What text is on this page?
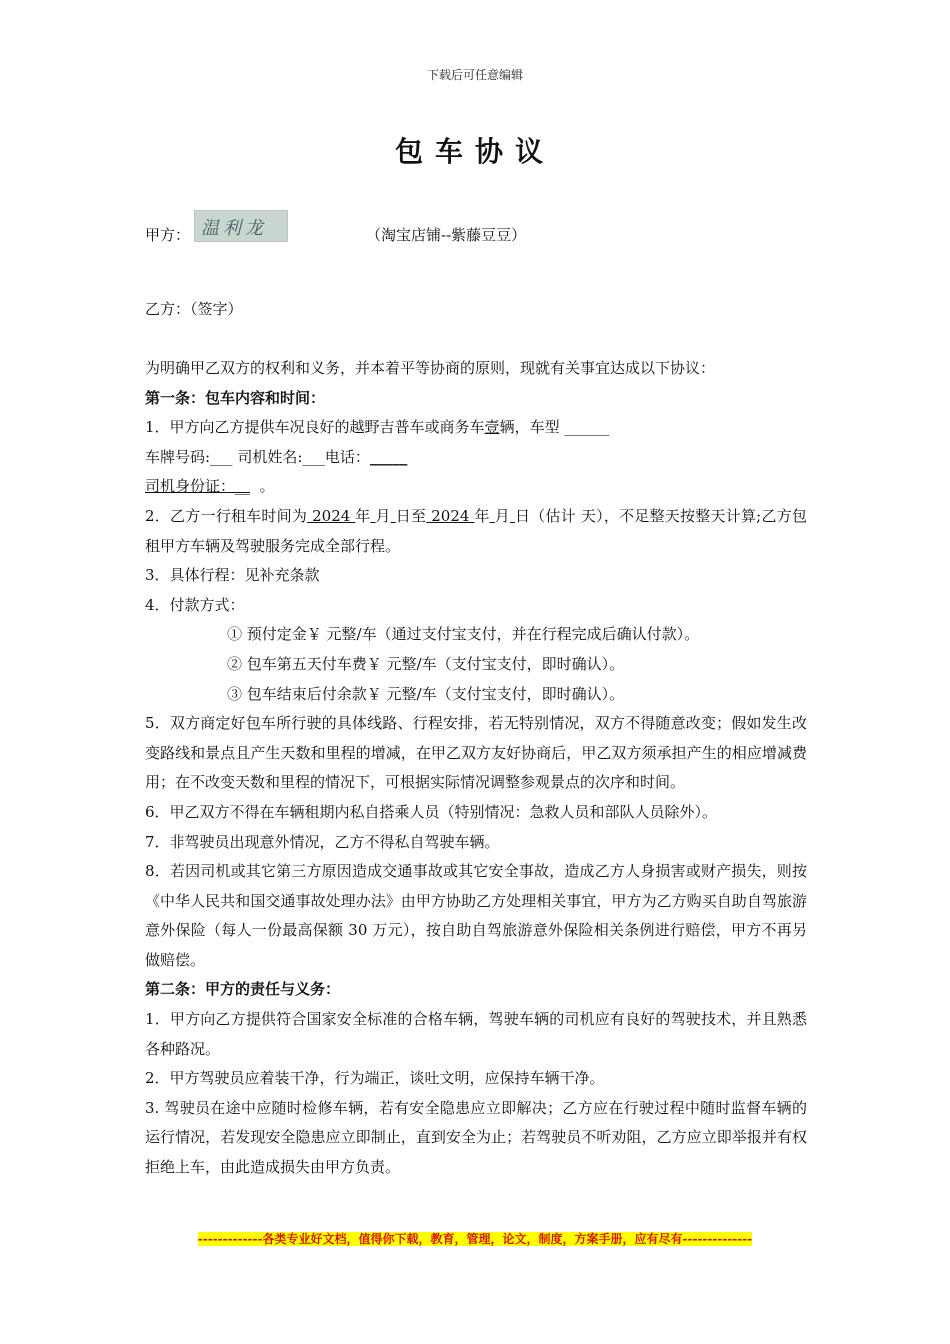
下载后可任意编辑
包车协议
甲方： 温利龙	（淘宝店铺--紫藤豆豆）
乙方：（签字）

为明确甲乙双方的权利和义务，并本着平等协商的原则，现就有关事宜达成以下协议：

第一条：包车内容和时间：

1．甲方向乙方提供车况良好的越野吉普车或商务车壹辆，车型 ______

车牌号码:___ 司机姓名:___电话：_____

司机身份证：__ 。

2．乙方一行租车时间为 2024 年 月 日至 2024 年 月 日（估计 天），不足整天按整天计算;乙方包租甲方车辆及驾驶服务完成全部行程。

3．具体行程：见补充条款

4．付款方式：

① 预付定金￥ 元整/车（通过支付宝支付，并在行程完成后确认付款）。

② 包车第五天付车费￥ 元整/车（支付宝支付，即时确认）。

③ 包车结束后付余款￥ 元整/车（支付宝支付，即时确认）。

5．双方商定好包车所行驶的具体线路、行程安排，若无特别情况，双方不得随意改变；假如发生改变路线和景点且产生天数和里程的增减，在甲乙双方友好协商后，甲乙双方须承担产生的相应增减费用；在不改变天数和里程的情况下，可根据实际情况调整参观景点的次序和时间。

6．甲乙双方不得在车辆租期内私自搭乘人员（特别情况：急救人员和部队人员除外）。

7．非驾驶员出现意外情况，乙方不得私自驾驶车辆。

8．若因司机或其它第三方原因造成交通事故或其它安全事故，造成乙方人身损害或财产损失，则按《中华人民共和国交通事故处理办法》由甲方协助乙方处理相关事宜，甲方为乙方购买自助自驾旅游意外保险（每人一份最高保额 30 万元），按自助自驾旅游意外保险相关条例进行赔偿，甲方不再另做赔偿。

第二条：甲方的责任与义务：

1．甲方向乙方提供符合国家安全标准的合格车辆，驾驶车辆的司机应有良好的驾驶技术，并且熟悉各种路况。

2．甲方驾驶员应着装干净，行为端正，谈吐文明，应保持车辆干净。

3. 驾驶员在途中应随时检修车辆，若有安全隐患应立即解决；乙方应在行驶过程中随时监督车辆的运行情况，若发现安全隐患应立即制止，直到安全为止；若驾驶员不听劝阻，乙方应立即举报并有权拒绝上车，由此造成损失由甲方负责。

-------------各类专业好文档，值得你下载，教育，管理，论文，制度，方案手册，应有尽有--------------
